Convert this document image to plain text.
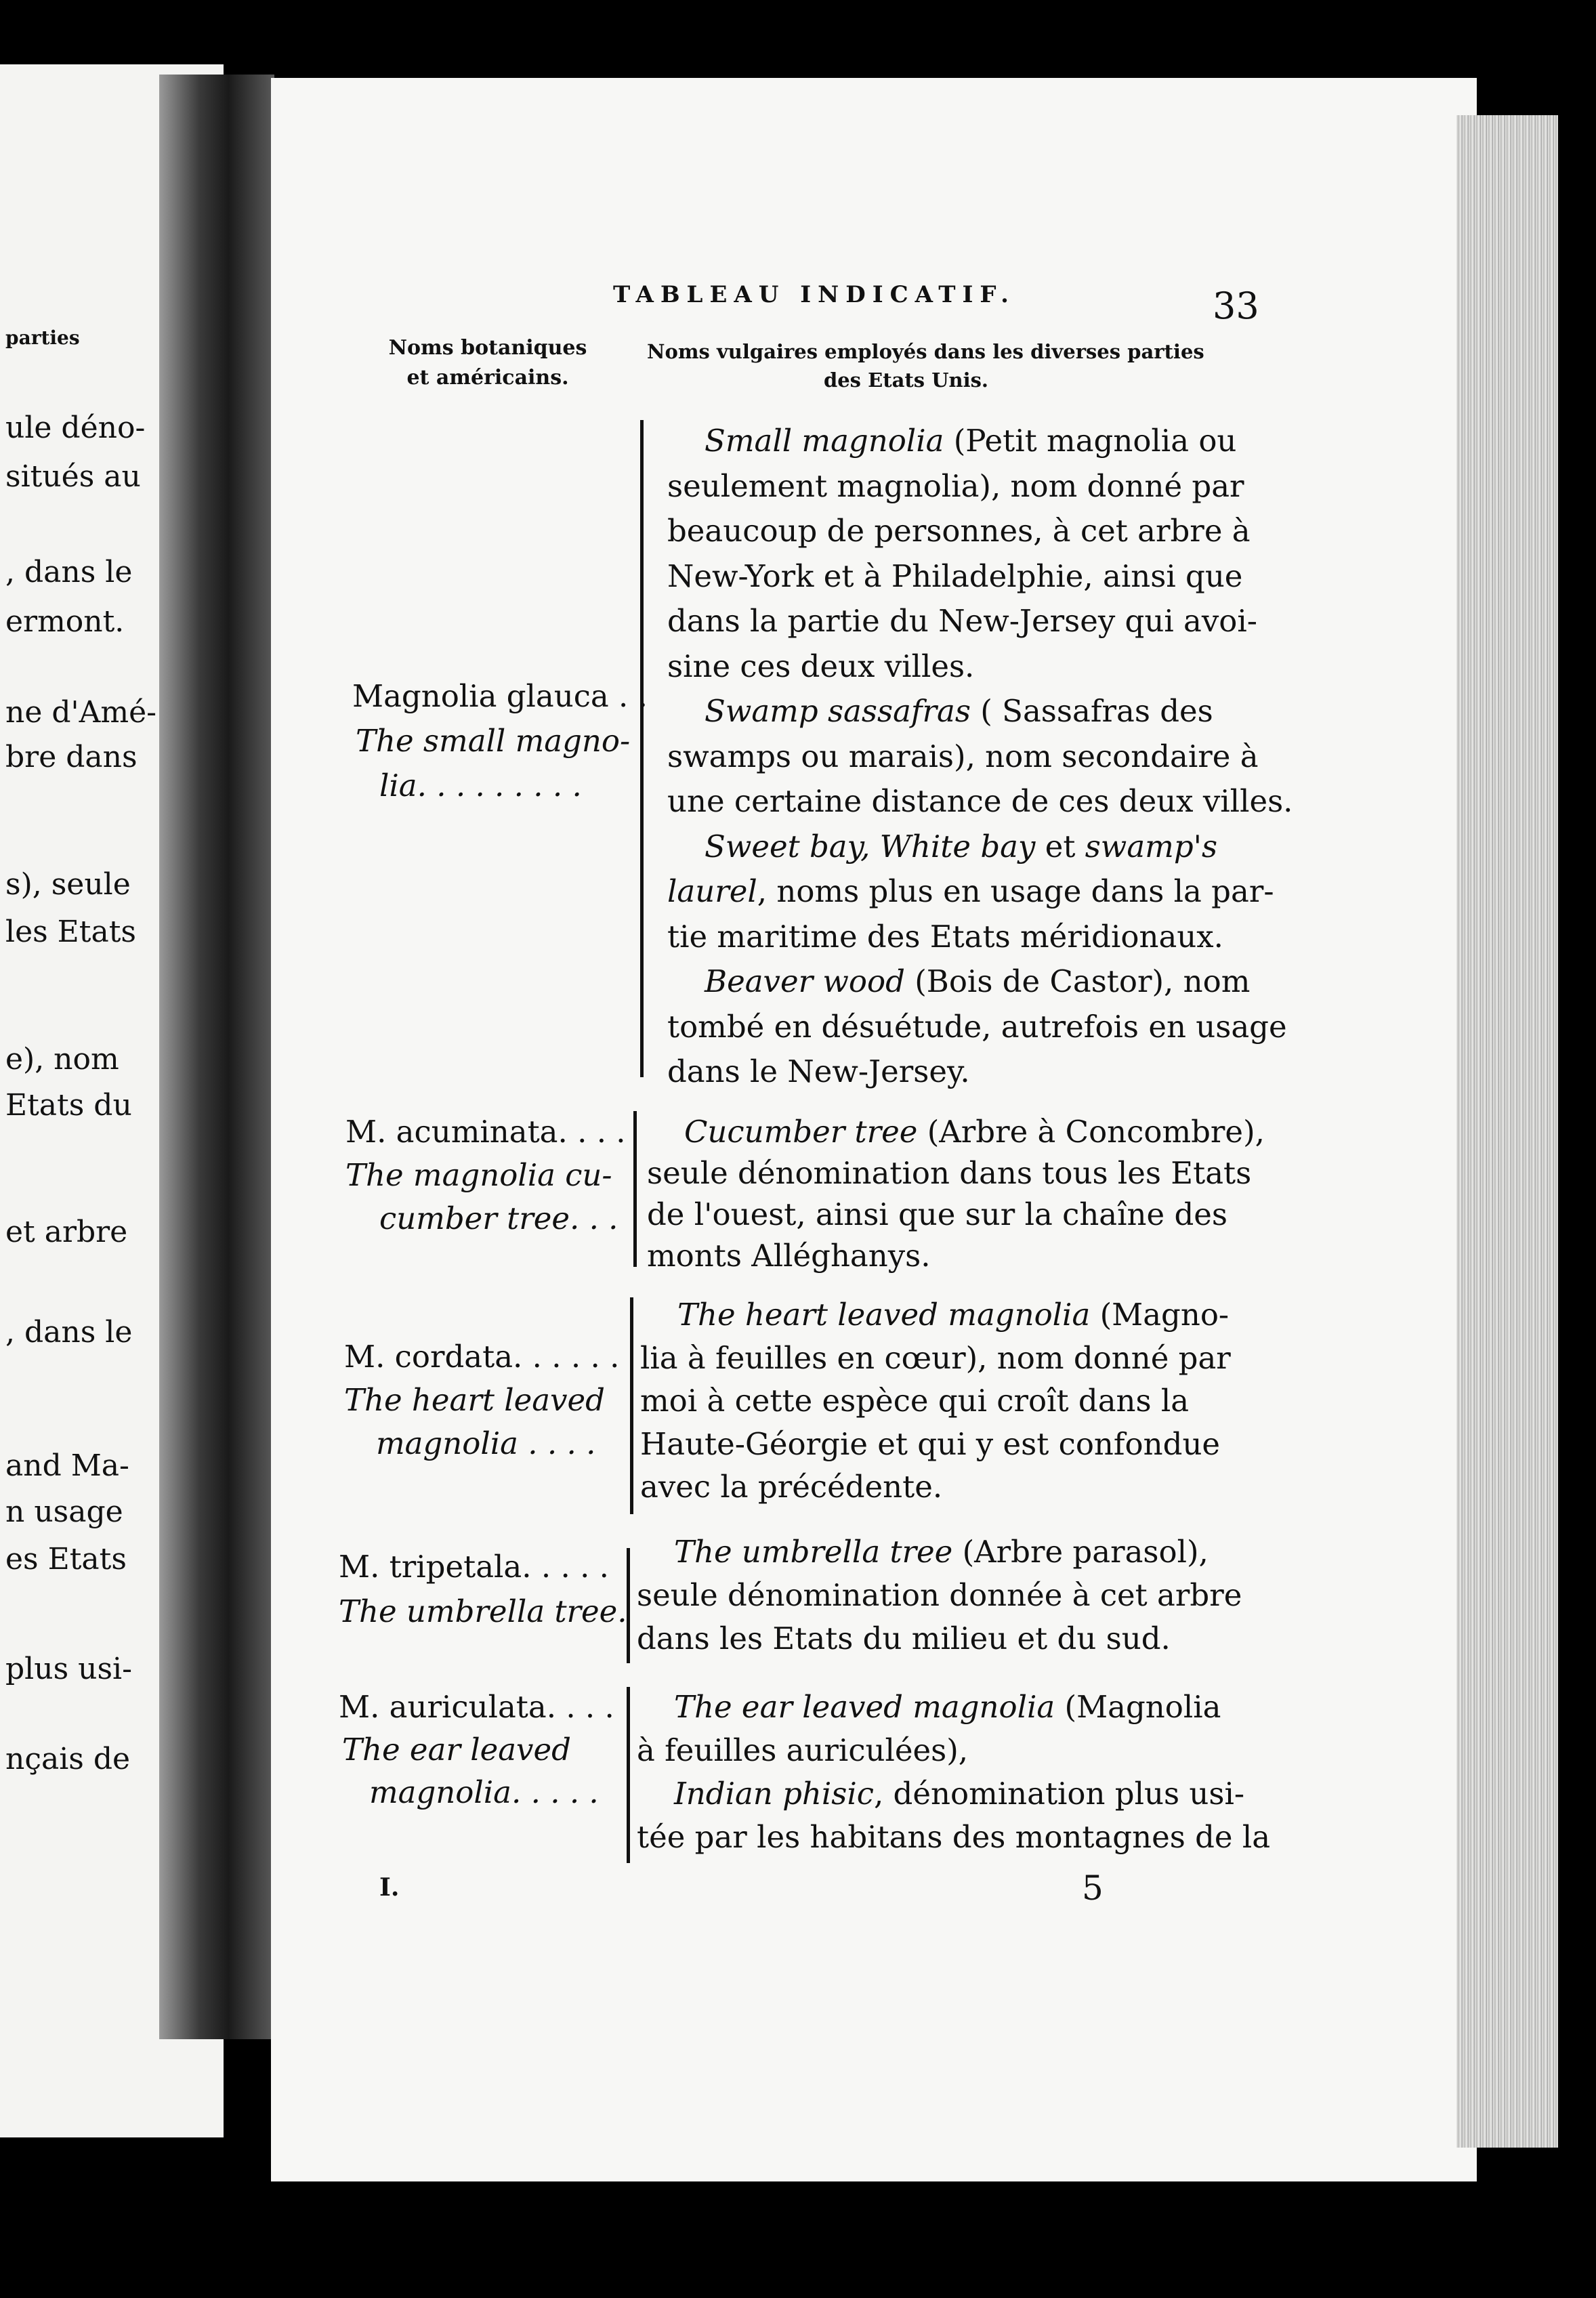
parties
ule déno-
situés au
, dans le
ermont.
ne d'Amé-
bre dans
s), seule
les Etats
e), nom
Etats du
et arbre
, dans le
and Ma-
n usage
es Etats
plus usi-
nçais de
TABLEAU INDICATIF.	33
Noms botaniques et américains.
Noms vulgaires employés dans les diverses parties

des Etats Unis.
Magnolia glauca . .
The small magno-
lia. . . . . . . . .
Small magnolia (Petit magnolia ou
seulement magnolia), nom donné par
beaucoup de personnes, à cet arbre à
New-York et à Philadelphie, ainsi que
dans la partie du New-Jersey qui avoi-
sine ces deux villes.
Swamp sassafras ( Sassafras des
swamps ou marais), nom secondaire à
une certaine distance de ces deux villes.
Sweet bay, White bay et swamp's
laurel, noms plus en usage dans la par-
tie maritime des Etats méridionaux.
Beaver wood (Bois de Castor), nom
tombé en désuétude, autrefois en usage
dans le New-Jersey.
M. acuminata. . . .
The magnolia cu-
cumber tree. . .
Cucumber tree (Arbre à Concombre),
seule dénomination dans tous les Etats
de l'ouest, ainsi que sur la chaîne des
monts Alléghanys.
M. cordata. . . . . .
The heart leaved
magnolia . . . .
The heart leaved magnolia (Magno-
lia à feuilles en cœur), nom donné par
moi à cette espèce qui croît dans la
Haute-Géorgie et qui y est confondue
avec la précédente.
M. tripetala. . . . .
The umbrella tree.
The umbrella tree (Arbre parasol),
seule dénomination donnée à cet arbre
dans les Etats du milieu et du sud.
M. auriculata. . . .
The ear leaved
magnolia. . . . .
The ear leaved magnolia (Magnolia
à feuilles auriculées),
Indian phisic, dénomination plus usi-
tée par les habitans des montagnes de la
I.	5
